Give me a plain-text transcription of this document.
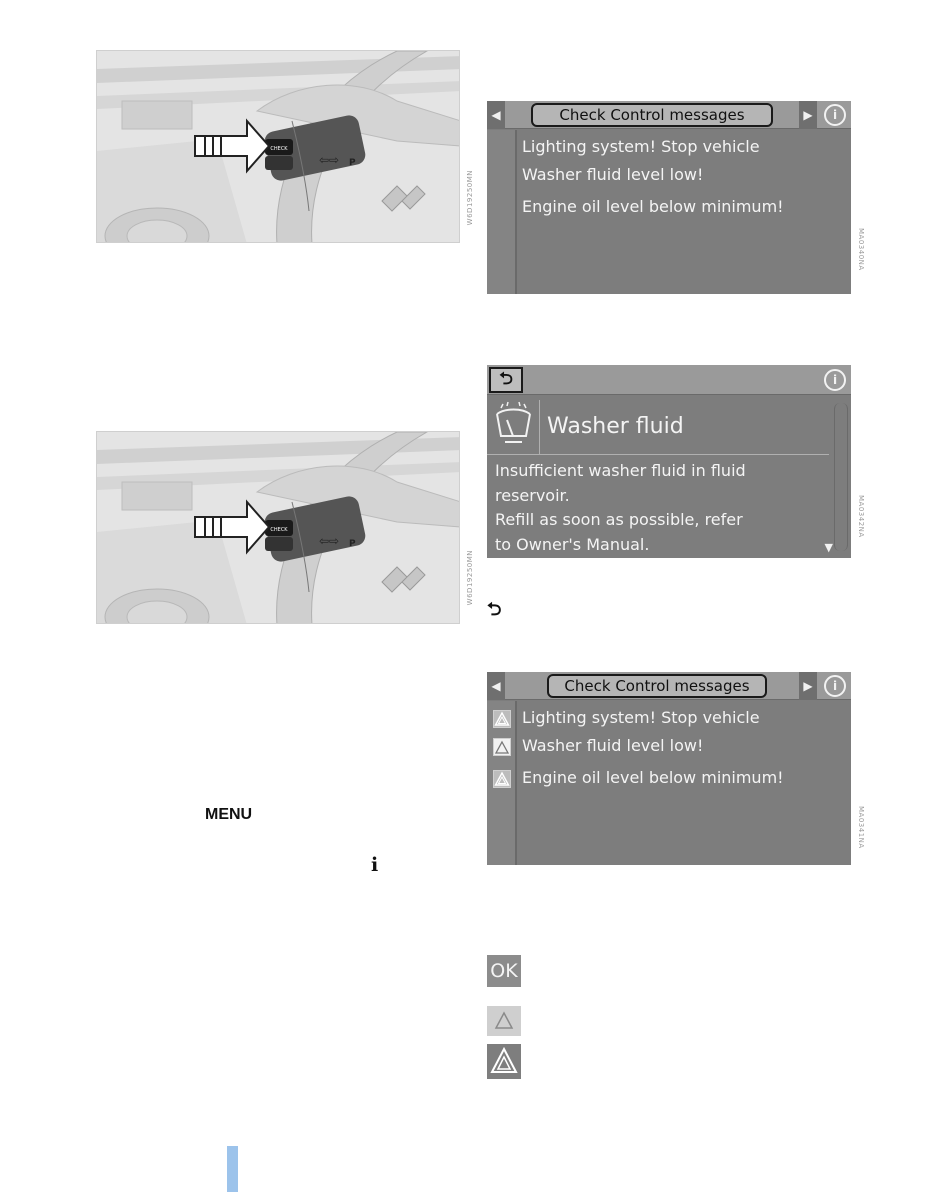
CHECK
⇦⇨ P
W6D19250MN
CHECK
⇦⇨ P
W6D19250MN
◀	Check Control messages	▶	i
Lighting system! Stop vehicle
Washer fluid level low!
Engine oil level below minimum!
MA0340NA
⮌	i
Washer fluid
Insufficient washer fluid in fluid
reservoir.
Refill as soon as possible, refer
to Owner's Manual.	▼
MA0342NA
⮌
◀	Check Control messages	▶	i
Lighting system! Stop vehicle
Washer fluid level low!
Engine oil level below minimum!
MA0341NA
MENU
i
OK
